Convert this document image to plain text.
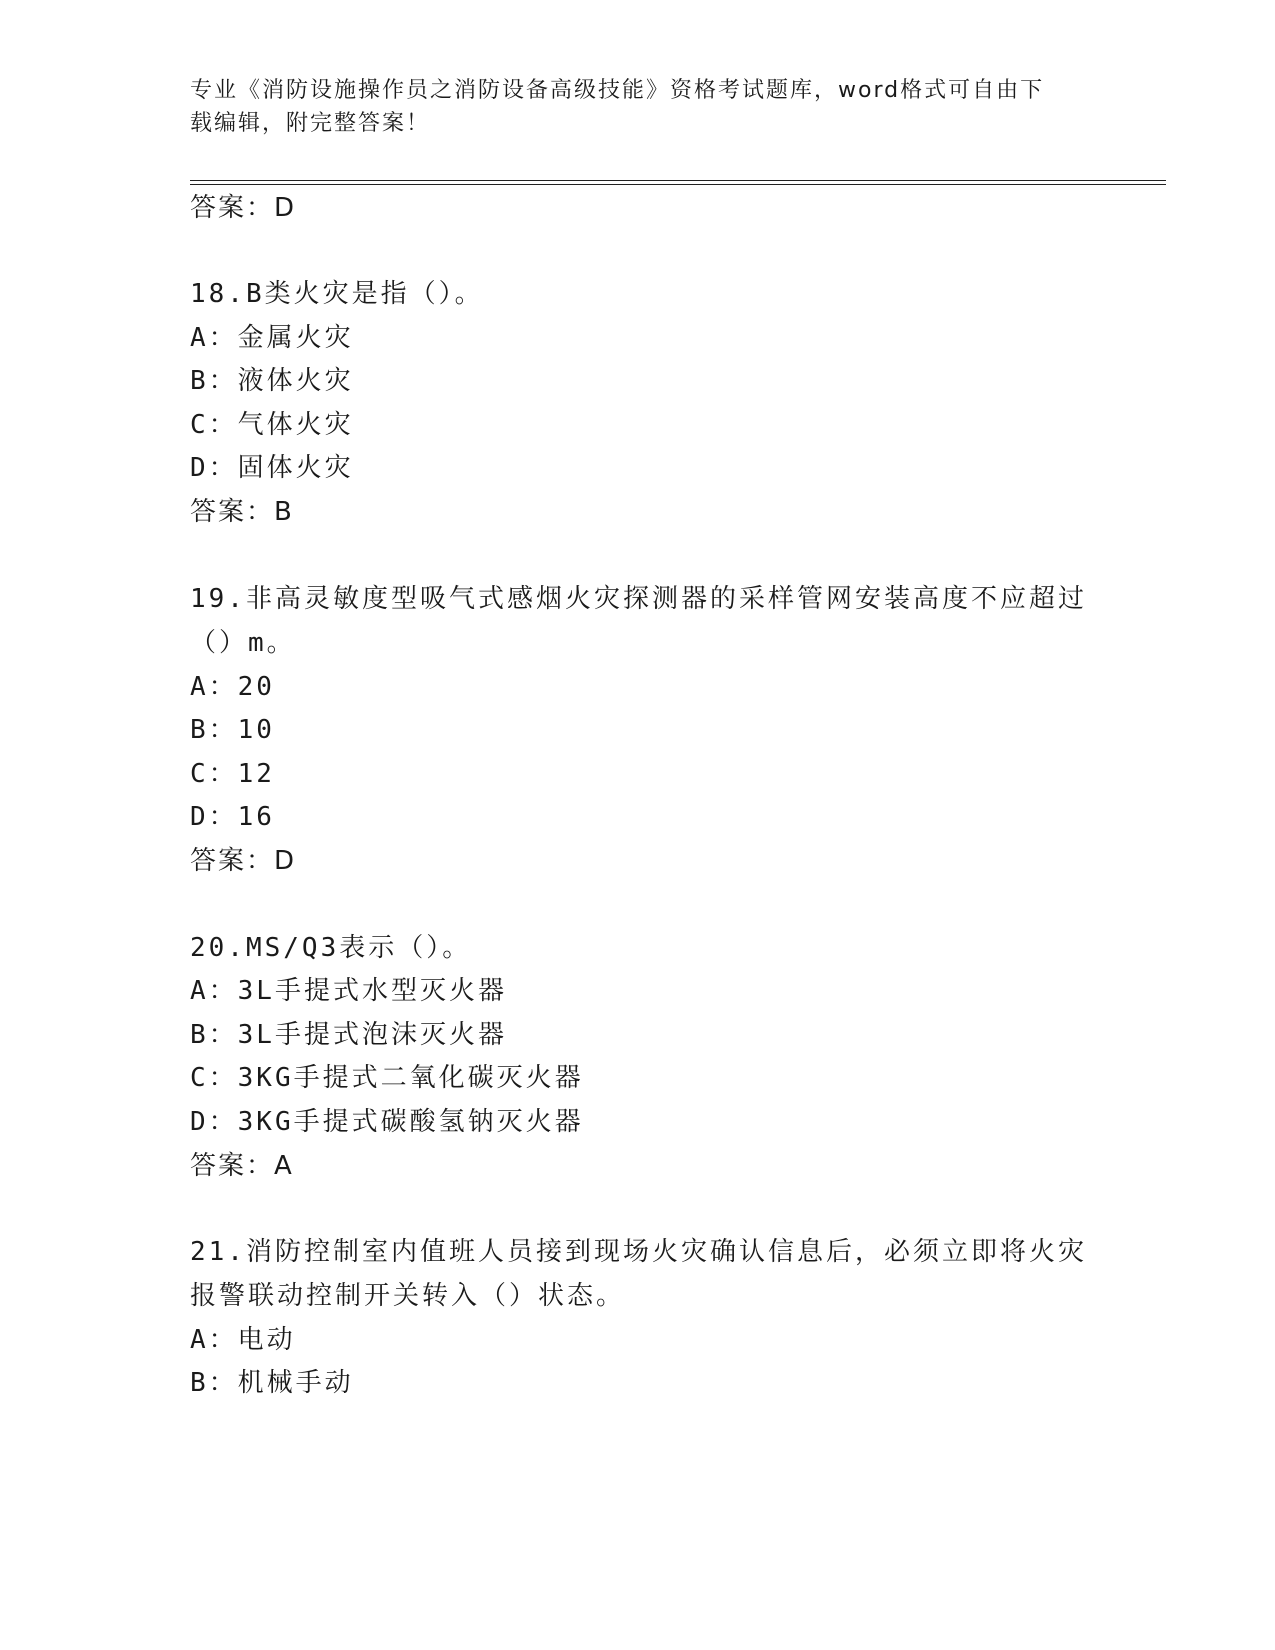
专业《消防设施操作员之消防设备高级技能》资格考试题库，word格式可自由下
载编辑，附完整答案！
答案：D
18.B类火灾是指（）。
A：金属火灾
B：液体火灾
C：气体火灾
D：固体火灾
答案：B
19.非高灵敏度型吸气式感烟火灾探测器的采样管网安装高度不应超过
（）m。
A：20
B：10
C：12
D：16
答案：D
20.MS/Q3表示（）。
A：3L手提式水型灭火器
B：3L手提式泡沫灭火器
C：3KG手提式二氧化碳灭火器
D：3KG手提式碳酸氢钠灭火器
答案：A
21.消防控制室内值班人员接到现场火灾确认信息后，必须立即将火灾
报警联动控制开关转入（）状态。
A：电动
B：机械手动
